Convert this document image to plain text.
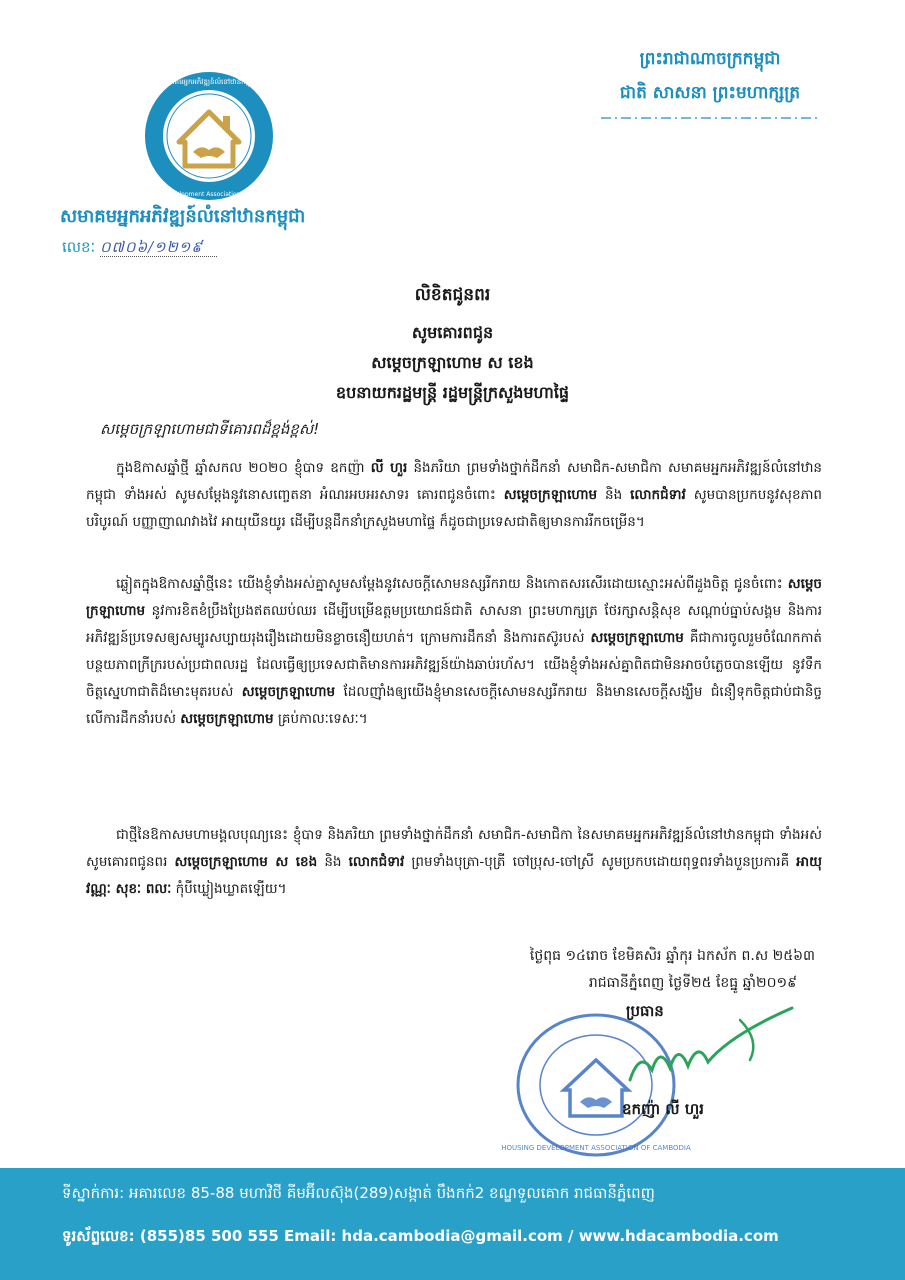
សមាគមអ្នកអភិវឌ្ឍន៍លំនៅឋានកម្ពុជា
Housing Development Association of Cambodia
សមាគមអ្នកអភិវឌ្ឍន៍លំនៅឋានកម្ពុជា
លេខៈ ០៧០៦/១២១៩
ព្រះរាជាណាចក្រកម្ពុជា
ជាតិ សាសនា ព្រះមហាក្សត្រ
លិខិតជូនពរ
សូមគោរពជូន
សម្តេចក្រឡាហោម ស ខេង
ឧបនាយករដ្ឋមន្ត្រី រដ្ឋមន្ត្រីក្រសួងមហាផ្ទៃ
សម្តេចក្រឡាហោមជាទីគោរពដ៏ខ្ពង់ខ្ពស់!
ក្នុងឱកាសឆ្នាំថ្មី ឆ្នាំសកល ២០២០ ខ្ញុំបាទ ឧកញ៉ា លី ហួរ និងភរិយា ព្រមទាំងថ្នាក់ដឹកនាំ សមាជិក-សមាជិកា សមាគមអ្នកអភិវឌ្ឍន៍លំនៅឋានកម្ពុជា ទាំងអស់ សូមសម្តែងនូវនោសញ្ចេតនា អំណរអបអរសាទរ គោរពជូនចំពោះ សម្តេចក្រឡាហោម និង លោកជំទាវ សូមបានប្រកបនូវសុខភាពបរិបូរណ៍ បញ្ញាញាណវាងវៃ អាយុយឺនយូរ ដើម្បីបន្តដឹកនាំក្រសួងមហាផ្ទៃ ក៏ដូចជាប្រទេសជាតិឲ្យមានការរីកចម្រើន។
ឆ្លៀតក្នុងឱកាសឆ្នាំថ្មីនេះ យើងខ្ញុំទាំងអស់គ្នាសូមសម្តែងនូវសេចក្តីសោមនស្សរីករាយ និងកោតសរសើរដោយស្មោះអស់ពីដួងចិត្ត ជូនចំពោះ សម្តេចក្រឡាហោម នូវការខិតខំប្រឹងប្រែងឥតឈប់ឈរ ដើម្បីបម្រើឧត្តមប្រយោជន៍ជាតិ សាសនា ព្រះមហាក្សត្រ ថែរក្សាសន្តិសុខ សណ្តាប់ធ្នាប់សង្គម និងការអភិវឌ្ឍន៍ប្រទេសឲ្យសម្បូរសប្បាយរុងរឿងដោយមិនខ្លាចនឿយហត់។ ក្រោមការដឹកនាំ និងការតស៊ូរបស់ សម្តេចក្រឡាហោម គឺជាការចូលរួមចំណែកកាត់បន្ថយភាពក្រីក្ររបស់ប្រជាពលរដ្ឋ ដែលធ្វើឲ្យប្រទេសជាតិមានការអភិវឌ្ឍន៍យ៉ាងឆាប់រហ័ស។ យើងខ្ញុំទាំងអស់គ្នាពិតជាមិនអាចបំភ្លេចបានឡើយ នូវទឹកចិត្តស្នេហាជាតិដ៏មោះមុតរបស់ សម្តេចក្រឡាហោម ដែលញ៉ាំងឲ្យយើងខ្ញុំមានសេចក្តីសោមនស្សរីករាយ និងមានសេចក្តីសង្ឃឹម ជំនឿទុកចិត្តជាប់ជានិច្ច លើការដឹកនាំរបស់ សម្តេចក្រឡាហោម គ្រប់កាលៈទេសៈ។
ជាថ្មីនៃឱកាសមហាមង្គលបុណ្យនេះ ខ្ញុំបាទ និងភរិយា ព្រមទាំងថ្នាក់ដឹកនាំ សមាជិក-សមាជិកា នៃសមាគមអ្នកអភិវឌ្ឍន៍លំនៅឋានកម្ពុជា ទាំងអស់ សូមគោរពជូនពរ សម្តេចក្រឡាហោម ស ខេង និង លោកជំទាវ ព្រមទាំងបុត្រា-បុត្រី ចៅប្រុស-ចៅស្រី សូមប្រកបដោយពុទ្ធពរទាំងបួនប្រការគឺ អាយុ វណ្ណៈ សុខៈ ពលៈ កុំបីឃ្លៀងឃ្លាតឡើយ។
ថ្ងៃពុធ ១៤រោច ខែមិគសិរ ឆ្នាំកុរ ឯកស័ក ព.ស ២៥៦៣
រាជធានីភ្នំពេញ ថ្ងៃទី២៥ ខែធ្នូ ឆ្នាំ២០១៩
HOUSING DEVELOPMENT ASSOCIATION OF CAMBODIA
ប្រធាន
ឧកញ៉ា លី ហួរ
ទីស្នាក់ការ: អគារលេខ 85-88 មហាវិថី គីមអ៊ីលស៊ុង(289)សង្កាត់ បឹងកក់2 ខណ្ឌទួលគោក រាជធានីភ្នំពេញ
ទូរស័ព្ទលេខ: (855)85 500 555 Email: hda.cambodia@gmail.com / www.hdacambodia.com
